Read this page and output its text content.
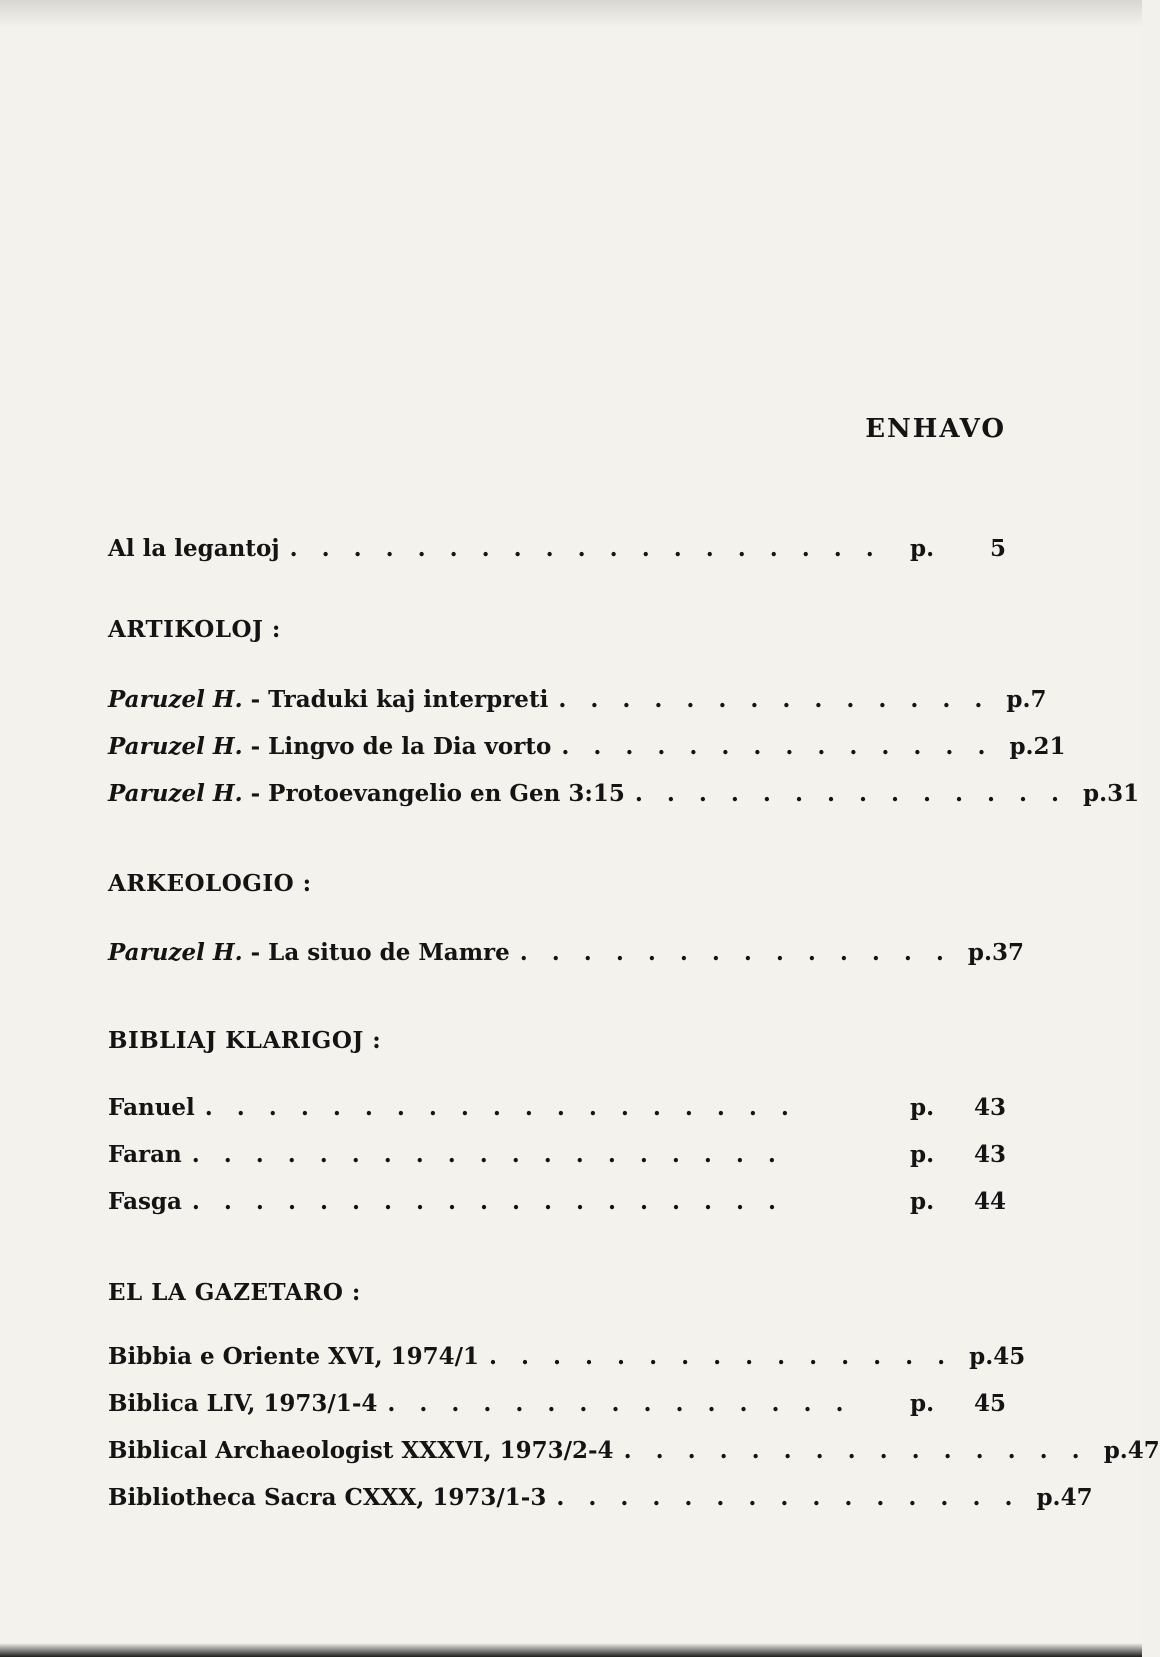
ENHAVO
Al la legantoj ................... p.	5
ARTIKOLOJ :
Paruzel H. - Traduki kaj interpreti .............. p. 7
Paruzel H. - Lingvo de la Dia vorto .............. p. 21
Paruzel H. - Protoevangelio en Gen 3:15 .............. p. 31
ARKEOLOGIO :
Paruzel H. - La situo de Mamre .............. p. 37
BIBLIAJ KLARIGOJ :
Fanuel ...................	p.	43
Faran ...................	p.	43
Fasga ...................	p.	44
EL LA GAZETARO :
Bibbia e Oriente XVI, 1974/1 ............... p. 45
Biblica LIV, 1973/1-4 ...............	p.	45
Biblical Archaeologist XXXVI, 1973/2-4 ............... p. 47
Bibliotheca Sacra CXXX, 1973/1-3 ............... p. 47
